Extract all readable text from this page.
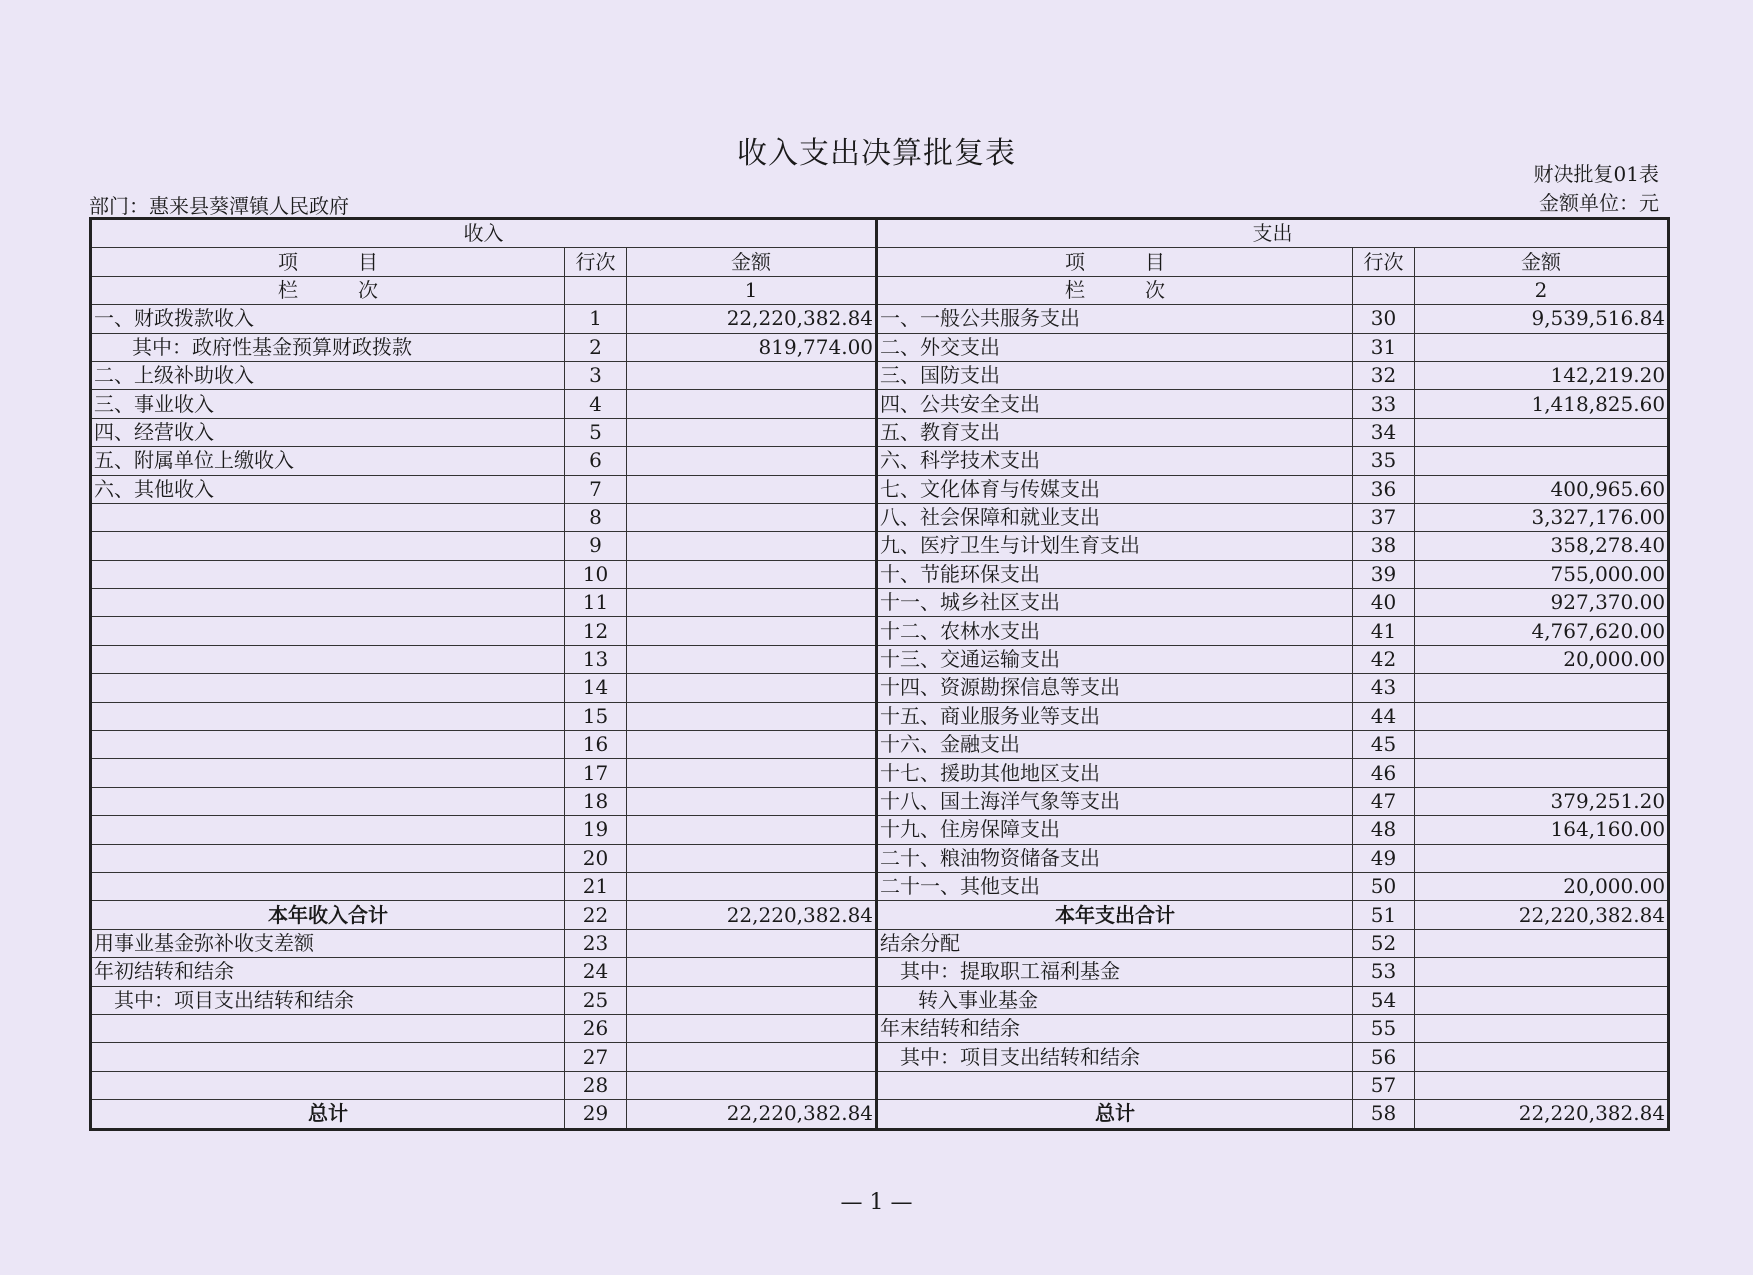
收入支出决算批复表
财决批复01表
金额单位：元
部门：惠来县葵潭镇人民政府
收入			支出		
项　　　目	行次	金额	项　　　目	行次	金额
栏　　　次		1	栏　　　次		2
一、财政拨款收入	1	22,220,382.84	一、一般公共服务支出	30	9,539,516.84
其中：政府性基金预算财政拨款	2	819,774.00	二、外交支出	31	
二、上级补助收入	3		三、国防支出	32	142,219.20
三、事业收入	4		四、公共安全支出	33	1,418,825.60
四、经营收入	5		五、教育支出	34	
五、附属单位上缴收入	6		六、科学技术支出	35	
六、其他收入	7		七、文化体育与传媒支出	36	400,965.60
	8		八、社会保障和就业支出	37	3,327,176.00
	9		九、医疗卫生与计划生育支出	38	358,278.40
	10		十、节能环保支出	39	755,000.00
	11		十一、城乡社区支出	40	927,370.00
	12		十二、农林水支出	41	4,767,620.00
	13		十三、交通运输支出	42	20,000.00
	14		十四、资源勘探信息等支出	43	
	15		十五、商业服务业等支出	44	
	16		十六、金融支出	45	
	17		十七、援助其他地区支出	46	
	18		十八、国土海洋气象等支出	47	379,251.20
	19		十九、住房保障支出	48	164,160.00
	20		二十、粮油物资储备支出	49	
	21		二十一、其他支出	50	20,000.00
本年收入合计	22	22,220,382.84	本年支出合计	51	22,220,382.84
用事业基金弥补收支差额	23		结余分配	52	
年初结转和结余	24		其中：提取职工福利基金	53	
其中：项目支出结转和结余	25		转入事业基金	54	
	26		年末结转和结余	55	
	27		其中：项目支出结转和结余	56	
	28			57	
总计	29	22,220,382.84	总计	58	22,220,382.84
— 1 —
